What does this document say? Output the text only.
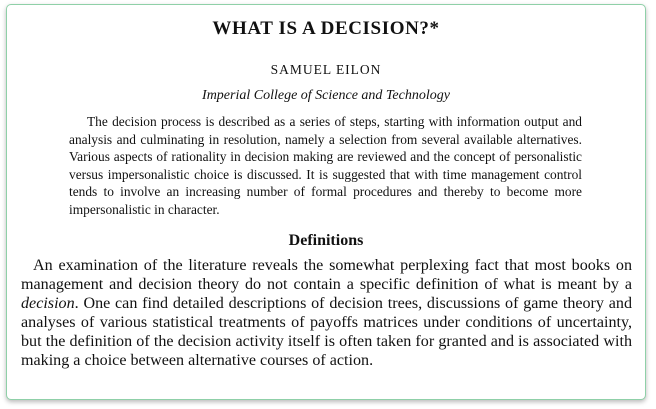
WHAT IS A DECISION?*
SAMUEL EILON
Imperial College of Science and Technology

The decision process is described as a series of steps, starting with information output and analysis and culminating in resolution, namely a selection from several available alternatives. Various aspects of rationality in decision making are reviewed and the concept of personalistic versus impersonalistic choice is discussed. It is suggested that with time management control tends to involve an increasing number of formal procedures and thereby to become more impersonalistic in character.

Definitions

An examination of the literature reveals the somewhat perplexing fact that most books on management and decision theory do not contain a specific definition of what is meant by a decision. One can find detailed descriptions of decision trees, discussions of game theory and analyses of various statistical treatments of payoffs matrices under conditions of uncertainty, but the definition of the decision activity itself is often taken for granted and is associated with making a choice between alternative courses of action.
